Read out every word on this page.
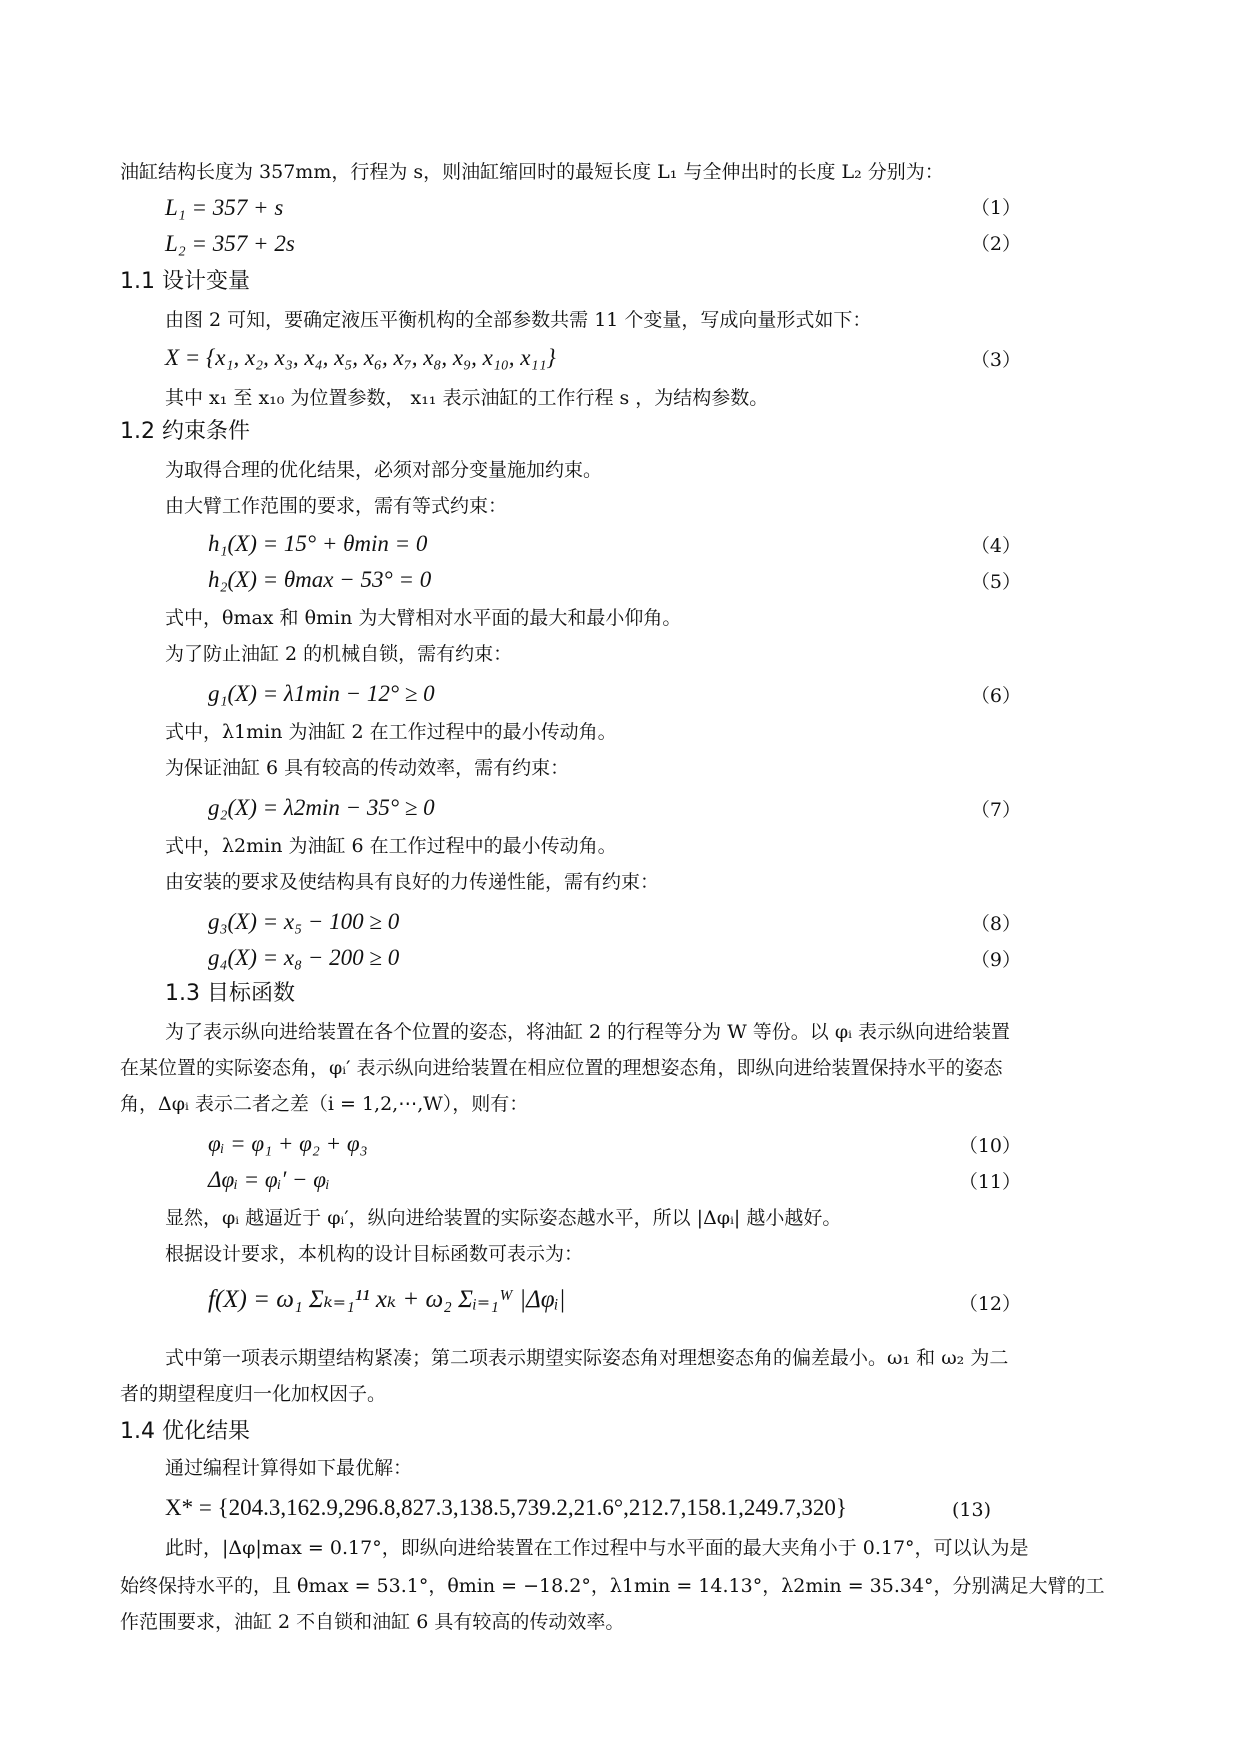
油缸结构长度为 357mm，行程为 s，则油缸缩回时的最短长度 L₁ 与全伸出时的长度 L₂ 分别为：
L₁ = 357 + s	（1）
L₂ = 357 + 2s	（2）
1.1 设计变量
由图 2 可知，要确定液压平衡机构的全部参数共需 11 个变量，写成向量形式如下：
X = {x₁, x₂, x₃, x₄, x₅, x₆, x₇, x₈, x₉, x₁₀, x₁₁}	（3）
其中 x₁ 至 x₁₀ 为位置参数， x₁₁ 表示油缸的工作行程 s ，为结构参数。
1.2 约束条件
为取得合理的优化结果，必须对部分变量施加约束。
由大臂工作范围的要求，需有等式约束：
h₁(X) = 15° + θmin = 0	（4）
h₂(X) = θmax − 53° = 0	（5）
式中，θmax 和 θmin 为大臂相对水平面的最大和最小仰角。
为了防止油缸 2 的机械自锁，需有约束：
g₁(X) = λ1min − 12° ≥ 0	（6）
式中，λ1min 为油缸 2 在工作过程中的最小传动角。
为保证油缸 6 具有较高的传动效率，需有约束：
g₂(X) = λ2min − 35° ≥ 0	（7）
式中，λ2min 为油缸 6 在工作过程中的最小传动角。
由安装的要求及使结构具有良好的力传递性能，需有约束：
g₃(X) = x₅ − 100 ≥ 0	（8）
g₄(X) = x₈ − 200 ≥ 0	（9）
1.3 目标函数
为了表示纵向进给装置在各个位置的姿态，将油缸 2 的行程等分为 W 等份。以 φᵢ 表示纵向进给装置
在某位置的实际姿态角，φᵢ′ 表示纵向进给装置在相应位置的理想姿态角，即纵向进给装置保持水平的姿态
角，Δφᵢ 表示二者之差（i = 1,2,⋯,W），则有：
φᵢ = φ₁ + φ₂ + φ₃	（10）
Δφᵢ = φᵢ′ − φᵢ	（11）
显然，φᵢ 越逼近于 φᵢ′，纵向进给装置的实际姿态越水平，所以 |Δφᵢ| 越小越好。
根据设计要求，本机构的设计目标函数可表示为：
f(X) = ω₁ Σₖ₌₁¹¹ xₖ + ω₂ Σᵢ₌₁ᵂ |Δφᵢ|	（12）
式中第一项表示期望结构紧凑；第二项表示期望实际姿态角对理想姿态角的偏差最小。ω₁ 和 ω₂ 为二
者的期望程度归一化加权因子。
1.4 优化结果
通过编程计算得如下最优解：
X* = {204.3,162.9,296.8,827.3,138.5,739.2,21.6°,212.7,158.1,249.7,320}	(13)
此时，|Δφ|max = 0.17°，即纵向进给装置在工作过程中与水平面的最大夹角小于 0.17°，可以认为是
始终保持水平的，且 θmax = 53.1°，θmin = −18.2°，λ1min = 14.13°，λ2min = 35.34°，分别满足大臂的工
作范围要求，油缸 2 不自锁和油缸 6 具有较高的传动效率。
